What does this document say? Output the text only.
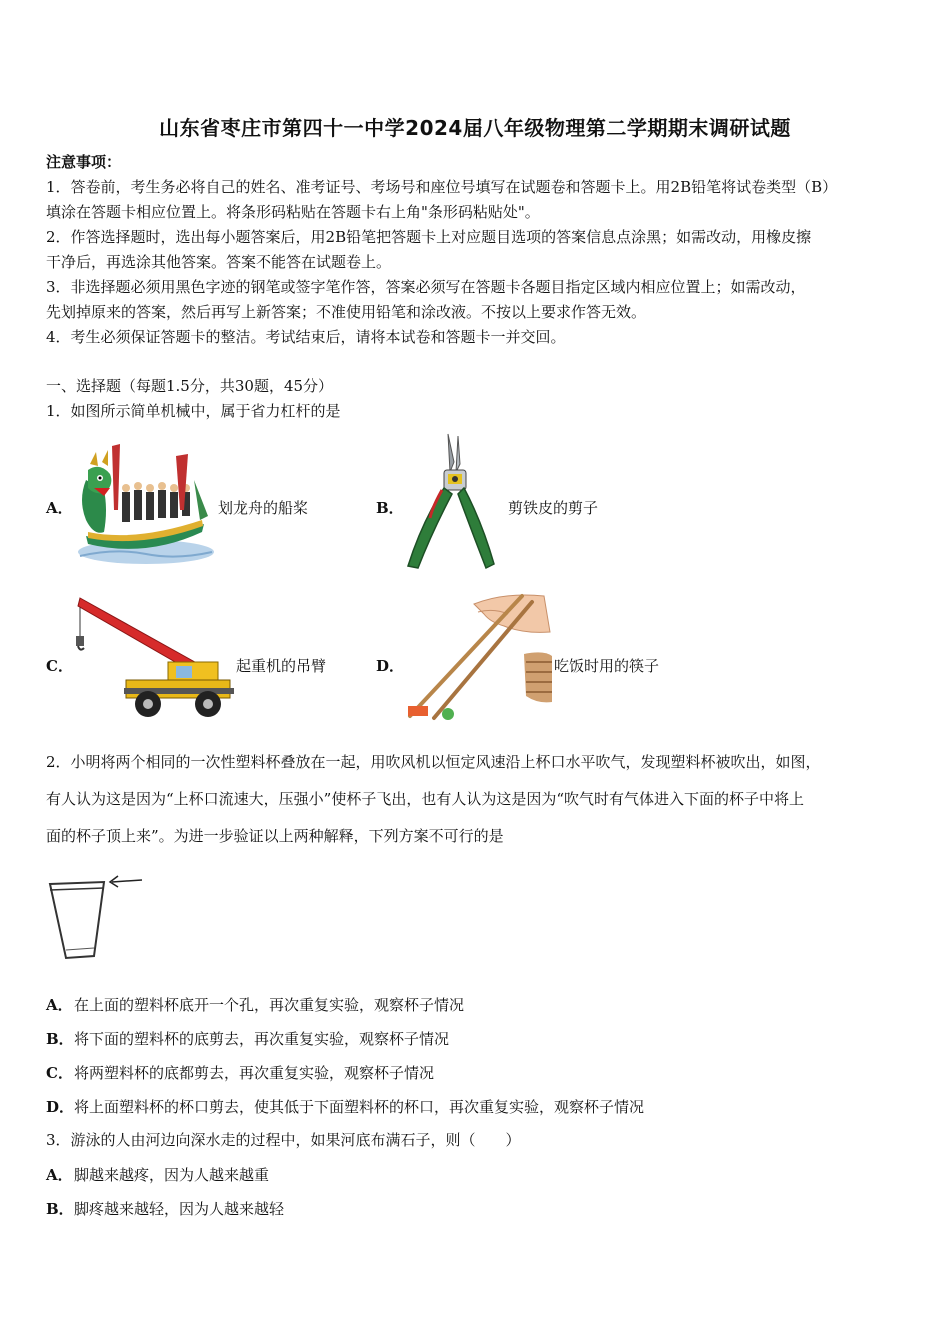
山东省枣庄市第四十一中学2024届八年级物理第二学期期末调研试题
注意事项：
1．答卷前，考生务必将自己的姓名、准考证号、考场号和座位号填写在试题卷和答题卡上。用2B铅笔将试卷类型（B）
填涂在答题卡相应位置上。将条形码粘贴在答题卡右上角"条形码粘贴处"。
2．作答选择题时，选出每小题答案后，用2B铅笔把答题卡上对应题目选项的答案信息点涂黑；如需改动，用橡皮擦
干净后，再选涂其他答案。答案不能答在试题卷上。
3．非选择题必须用黑色字迹的钢笔或签字笔作答，答案必须写在答题卡各题目指定区域内相应位置上；如需改动，
先划掉原来的答案，然后再写上新答案；不准使用铅笔和涂改液。不按以上要求作答无效。
4．考生必须保证答题卡的整洁。考试结束后，请将本试卷和答题卡一并交回。
一、选择题（每题1.5分，共30题，45分）
1．如图所示简单机械中，属于省力杠杆的是
A．	划龙舟的船桨	B．	剪铁皮的剪子
C．	起重机的吊臂	D．	吃饭时用的筷子
2．小明将两个相同的一次性塑料杯叠放在一起，用吹风机以恒定风速沿上杯口水平吹气，发现塑料杯被吹出，如图，
有人认为这是因为“上杯口流速大，压强小”使杯子飞出，也有人认为这是因为“吹气时有气体进入下面的杯子中将上
面的杯子顶上来”。为进一步验证以上两种解释，下列方案不可行的是
A． 在上面的塑料杯底开一个孔，再次重复实验，观察杯子情况
B． 将下面的塑料杯的底剪去，再次重复实验，观察杯子情况
C． 将两塑料杯的底都剪去，再次重复实验，观察杯子情况
D． 将上面塑料杯的杯口剪去，使其低于下面塑料杯的杯口，再次重复实验，观察杯子情况
3．游泳的人由河边向深水走的过程中，如果河底布满石子，则（　　）
A． 脚越来越疼，因为人越来越重
B． 脚疼越来越轻，因为人越来越轻
